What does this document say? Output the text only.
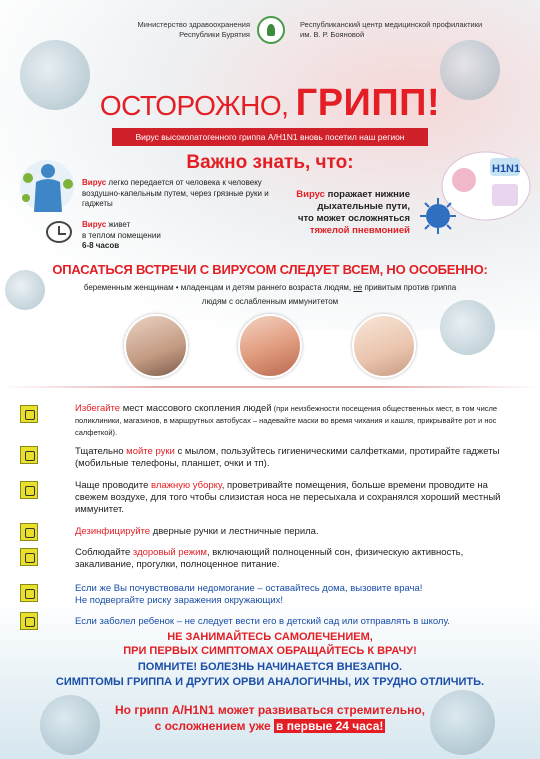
Министерство здравоохранения
Республики Бурятия
Республиканский центр медицинской профилактики
им. В. Р. Бояновой
ОСТОРОЖНО, ГРИПП!
Вирус высокопатогенного гриппа A/H1N1 вновь посетил наш регион
Важно знать, что:
Вирус легко передается от человека к человеку воздушно-капельным путем, через грязные руки и гаджеты
Вирус живет
в теплом помещении
6-8 часов
Вирус поражает нижние
дыхательные пути,
что может осложняться
тяжелой пневмонией
H1N1
ОПАСАТЬСЯ ВСТРЕЧИ С ВИРУСОМ СЛЕДУЕТ ВСЕМ, НО ОСОБЕННО:
беременным женщинам • младенцам и детям раннего возраста людям, не привитым против гриппа
людям с ослабленным иммунитетом
Избегайте мест массового скопления людей (при неизбежности посещения общественных мест, в том числе поликлиники, магазинов, в маршрутных автобусах – надевайте маски во время чихания и кашля, прикрывайте рот и нос салфеткой).
Тщательно мойте руки с мылом, пользуйтесь гигиеническими салфетками, протирайте гаджеты (мобильные телефоны, планшет, очки и тп).
Чаще проводите влажную уборку, проветривайте помещения, больше времени проводите на свежем воздухе, для того чтобы слизистая носа не пересыхала и сохранялся хороший местный иммунитет.
Дезинфицируйте дверные ручки и лестничные перила.
Соблюдайте здоровый режим, включающий полноценный сон, физическую активность, закаливание, прогулки, полноценное питание.
Если же Вы почувствовали недомогание – оставайтесь дома, вызовите врача!
Не подвергайте риску заражения окружающих!
Если заболел ребенок – не следует вести его в детский сад или отправлять в школу.
НЕ ЗАНИМАЙТЕСЬ САМОЛЕЧЕНИЕМ,
ПРИ ПЕРВЫХ СИМПТОМАХ ОБРАЩАЙТЕСЬ К ВРАЧУ!
ПОМНИТЕ! БОЛЕЗНЬ НАЧИНАЕТСЯ ВНЕЗАПНО.
СИМПТОМЫ ГРИППА И ДРУГИХ ОРВИ АНАЛОГИЧНЫ, ИХ ТРУДНО ОТЛИЧИТЬ.
Но грипп А/H1N1 может развиваться стремительно,
с осложнением уже в первые 24 часа!
